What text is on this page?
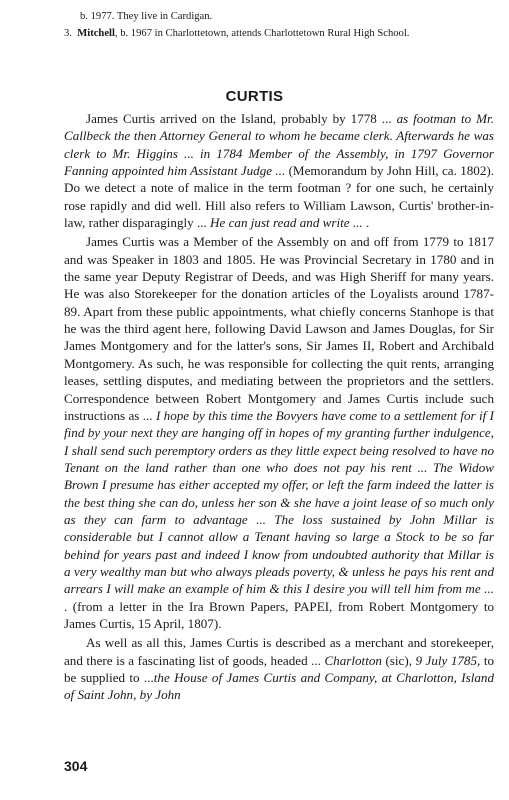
b. 1977. They live in Cardigan.

3. Mitchell, b. 1967 in Charlottetown, attends Charlottetown Rural High School.

CURTIS

James Curtis arrived on the Island, probably by 1778 ... as footman to Mr. Callbeck the then Attorney General to whom he became clerk. Afterwards he was clerk to Mr. Higgins ... in 1784 Member of the Assembly, in 1797 Governor Fanning appointed him Assistant Judge ... (Memorandum by John Hill, ca. 1802). Do we detect a note of malice in the term footman ? for one such, he certainly rose rapidly and did well. Hill also refers to William Lawson, Curtis' brother-in-law, rather disparagingly ... He can just read and write ... .

James Curtis was a Member of the Assembly on and off from 1779 to 1817 and was Speaker in 1803 and 1805. He was Provincial Secretary in 1780 and in the same year Deputy Registrar of Deeds, and was High Sheriff for many years. He was also Storekeeper for the donation articles of the Loyalists around 1787-89. Apart from these public appointments, what chiefly concerns Stanhope is that he was the third agent here, following David Lawson and James Douglas, for Sir James Montgomery and for the latter's sons, Sir James II, Robert and Archibald Montgomery. As such, he was responsible for collecting the quit rents, arranging leases, settling disputes, and mediating between the proprietors and the settlers. Correspondence between Robert Montgomery and James Curtis include such instructions as ... I hope by this time the Bovyers have come to a settlement for if I find by your next they are hanging off in hopes of my granting further indulgence, I shall send such peremptory orders as they little expect being resolved to have no Tenant on the land rather than one who does not pay his rent ... The Widow Brown I presume has either accepted my offer, or left the farm indeed the latter is the best thing she can do, unless her son & she have a joint lease of so much only as they can farm to advantage ... The loss sustained by John Millar is considerable but I cannot allow a Tenant having so large a Stock to be so far behind for years past and indeed I know from undoubted authority that Millar is a very wealthy man but who always pleads poverty, & unless he pays his rent and arrears I will make an example of him & this I desire you will tell him from me ... . (from a letter in the Ira Brown Papers, PAPEI, from Robert Montgomery to James Curtis, 15 April, 1807).

As well as all this, James Curtis is described as a merchant and storekeeper, and there is a fascinating list of goods, headed ... Charlotton (sic), 9 July 1785, to be supplied to ...the House of James Curtis and Company, at Charlotton, Island of Saint John, by John

304
